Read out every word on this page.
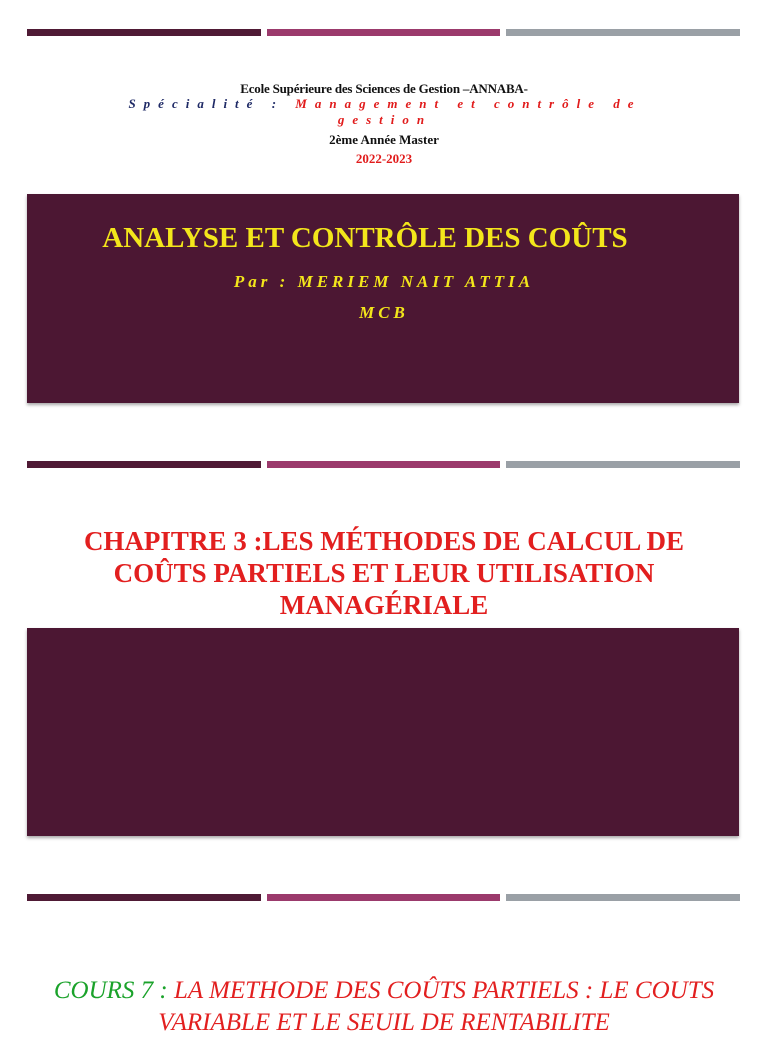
Ecole Supérieure des Sciences de Gestion –ANNABA-
Spécialité : Management et contrôle de gestion
2ème Année Master
2022-2023
ANALYSE ET CONTRÔLE DES COÛTS
Par : MERIEM NAIT ATTIA
MCB
CHAPITRE 3 :LES MÉTHODES DE CALCUL DE COÛTS PARTIELS ET LEUR UTILISATION MANAGÉRIALE
COURS 7 : LA METHODE DES COÛTS PARTIELS : LE COUTS VARIABLE ET LE SEUIL DE RENTABILITE
